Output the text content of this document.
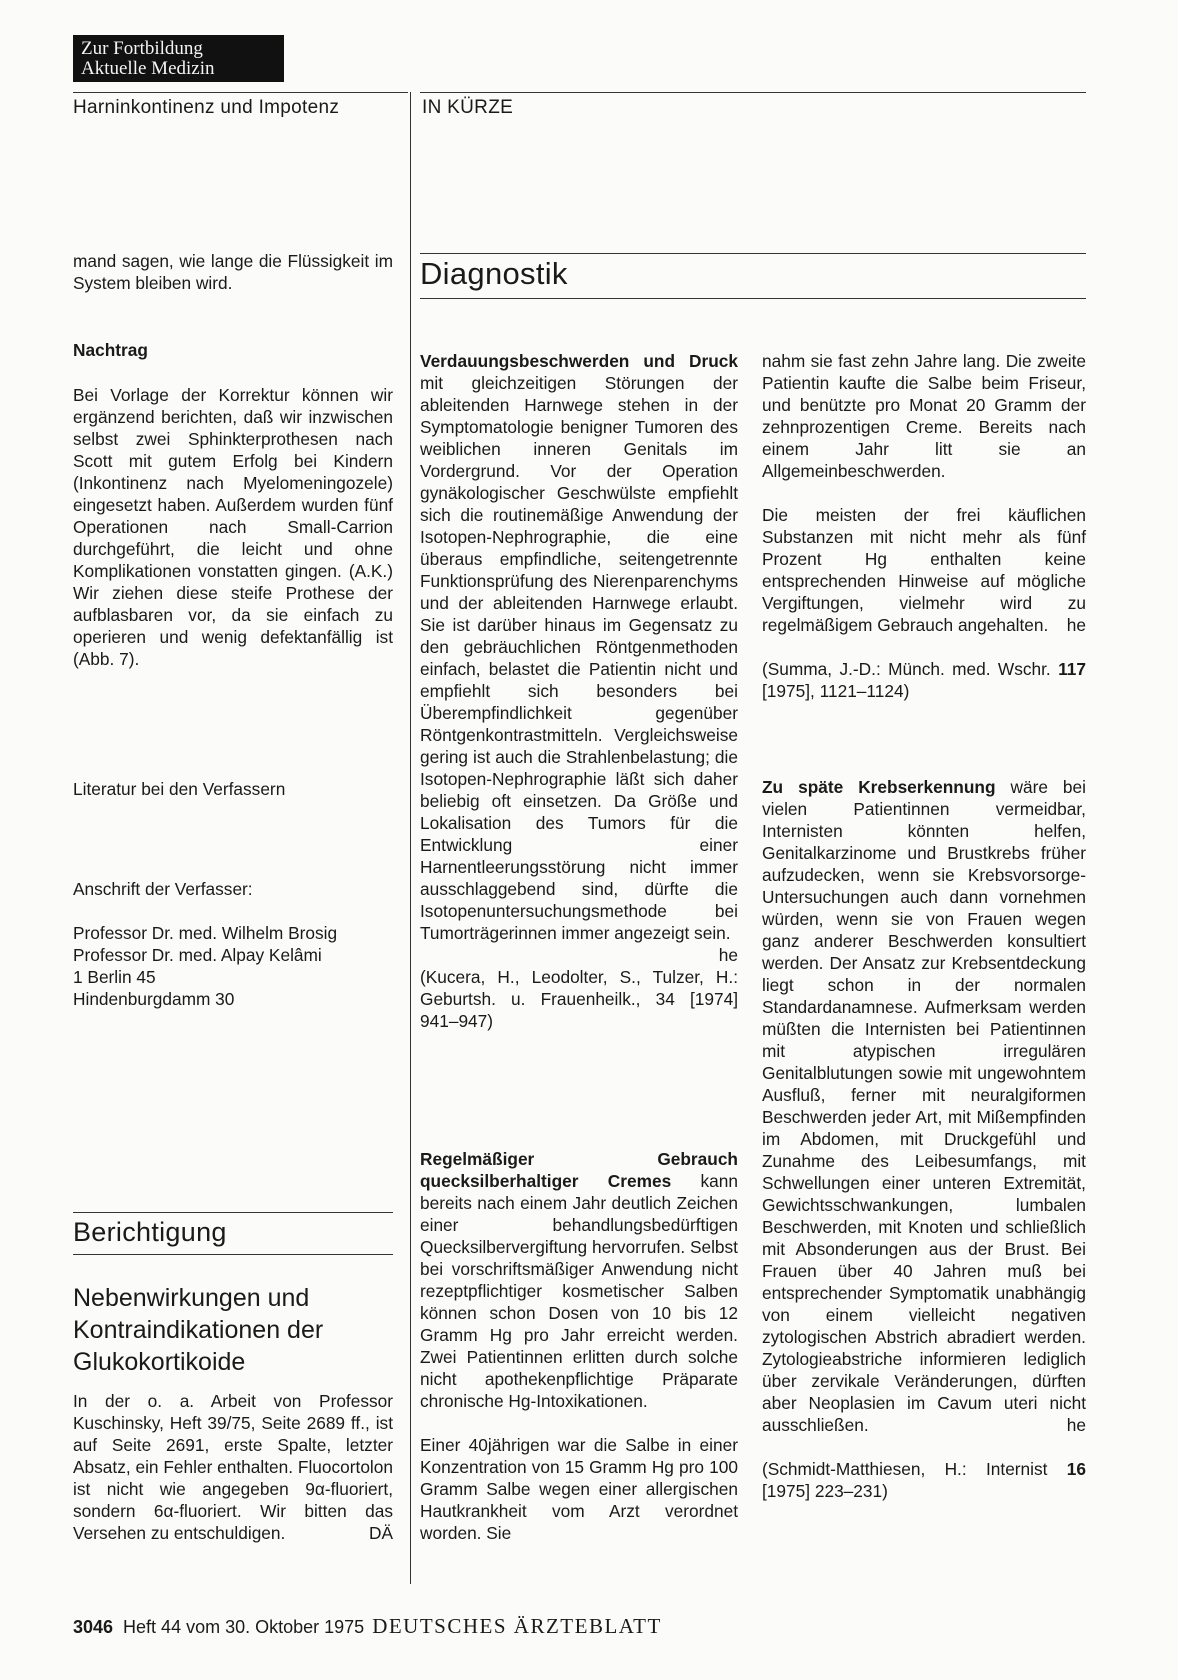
Zur Fortbildung
Aktuelle Medizin
Harninkontinenz und Impotenz	IN KÜRZE
Diagnostik

mand sagen, wie lange die Flüssigkeit im System bleiben wird.

Nachtrag

Bei Vorlage der Korrektur können wir ergänzend berichten, daß wir inzwischen selbst zwei Sphinkterprothesen nach Scott mit gutem Erfolg bei Kindern (Inkontinenz nach Myelomeningozele) eingesetzt haben. Außerdem wurden fünf Operationen nach Small-Carrion durchgeführt, die leicht und ohne Komplikationen vonstatten gingen. (A.K.) Wir ziehen diese steife Prothese der aufblasbaren vor, da sie einfach zu operieren und wenig defektanfällig ist (Abb. 7).

Literatur bei den Verfassern
Anschrift der Verfasser:
Professor Dr. med. Wilhelm Brosig
Professor Dr. med. Alpay Kelâmi
1 Berlin 45
Hindenburgdamm 30
Berichtigung
Nebenwirkungen und Kontraindikationen der Glukokortikoide

In der o. a. Arbeit von Professor Kuschinsky, Heft 39/75, Seite 2689 ff., ist auf Seite 2691, erste Spalte, letzter Absatz, ein Fehler enthalten. Fluocortolon ist nicht wie angegeben 9α-fluoriert, sondern 6α-fluoriert. Wir bitten das Versehen zu entschuldigen.	DÄ

Verdauungsbeschwerden und Druck mit gleichzeitigen Störungen der ableitenden Harnwege stehen in der Symptomatologie benigner Tumoren des weiblichen inneren Genitals im Vordergrund. Vor der Operation gynäkologischer Geschwülste empfiehlt sich die routinemäßige Anwendung der Isotopen-Nephrographie, die eine überaus empfindliche, seitengetrennte Funktionsprüfung des Nierenparenchyms und der ableitenden Harnwege erlaubt. Sie ist darüber hinaus im Gegensatz zu den gebräuchlichen Röntgenmethoden einfach, belastet die Patientin nicht und empfiehlt sich besonders bei Überempfindlichkeit gegenüber Röntgenkontrastmitteln. Vergleichsweise gering ist auch die Strahlenbelastung; die Isotopen-Nephrographie läßt sich daher beliebig oft einsetzen. Da Größe und Lokalisation des Tumors für die Entwicklung einer Harnentleerungsstörung nicht immer ausschlaggebend sind, dürfte die Isotopenuntersuchungsmethode bei Tumorträgerinnen immer angezeigt sein.
he

(Kucera, H., Leodolter, S., Tulzer, H.: Geburtsh. u. Frauenheilk., 34 [1974] 941–947)

Regelmäßiger Gebrauch quecksilberhaltiger Cremes kann bereits nach einem Jahr deutlich Zeichen einer behandlungsbedürftigen Quecksilbervergiftung hervorrufen. Selbst bei vorschriftsmäßiger Anwendung nicht rezeptpflichtiger kosmetischer Salben können schon Dosen von 10 bis 12 Gramm Hg pro Jahr erreicht werden. Zwei Patientinnen erlitten durch solche nicht apothekenpflichtige Präparate chronische Hg-Intoxikationen.

Einer 40jährigen war die Salbe in einer Konzentration von 15 Gramm Hg pro 100 Gramm Salbe wegen einer allergischen Hautkrankheit vom Arzt verordnet worden. Sie

nahm sie fast zehn Jahre lang. Die zweite Patientin kaufte die Salbe beim Friseur, und benützte pro Monat 20 Gramm der zehnprozentigen Creme. Bereits nach einem Jahr litt sie an Allgemeinbeschwerden.

Die meisten der frei käuflichen Substanzen mit nicht mehr als fünf Prozent Hg enthalten keine entsprechenden Hinweise auf mögliche Vergiftungen, vielmehr wird zu regelmäßigem Gebrauch angehalten. he

(Summa, J.-D.: Münch. med. Wschr. 117 [1975], 1121–1124)

Zu späte Krebserkennung wäre bei vielen Patientinnen vermeidbar, Internisten könnten helfen, Genitalkarzinome und Brustkrebs früher aufzudecken, wenn sie Krebsvorsorge-Untersuchungen auch dann vornehmen würden, wenn sie von Frauen wegen ganz anderer Beschwerden konsultiert werden. Der Ansatz zur Krebsentdeckung liegt schon in der normalen Standardanamnese. Aufmerksam werden müßten die Internisten bei Patientinnen mit atypischen irregulären Genitalblutungen sowie mit ungewohntem Ausfluß, ferner mit neuralgiformen Beschwerden jeder Art, mit Mißempfinden im Abdomen, mit Druckgefühl und Zunahme des Leibesumfangs, mit Schwellungen einer unteren Extremität, Gewichtsschwankungen, lumbalen Beschwerden, mit Knoten und schließlich mit Absonderungen aus der Brust. Bei Frauen über 40 Jahren muß bei entsprechender Symptomatik unabhängig von einem vielleicht negativen zytologischen Abstrich abradiert werden. Zytologieabstriche informieren lediglich über zervikale Veränderungen, dürften aber Neoplasien im Cavum uteri nicht ausschließen.	he

(Schmidt-Matthiesen, H.: Internist 16 [1975] 223–231)

3046 Heft 44 vom 30. Oktober 1975 DEUTSCHES ÄRZTEBLATT
